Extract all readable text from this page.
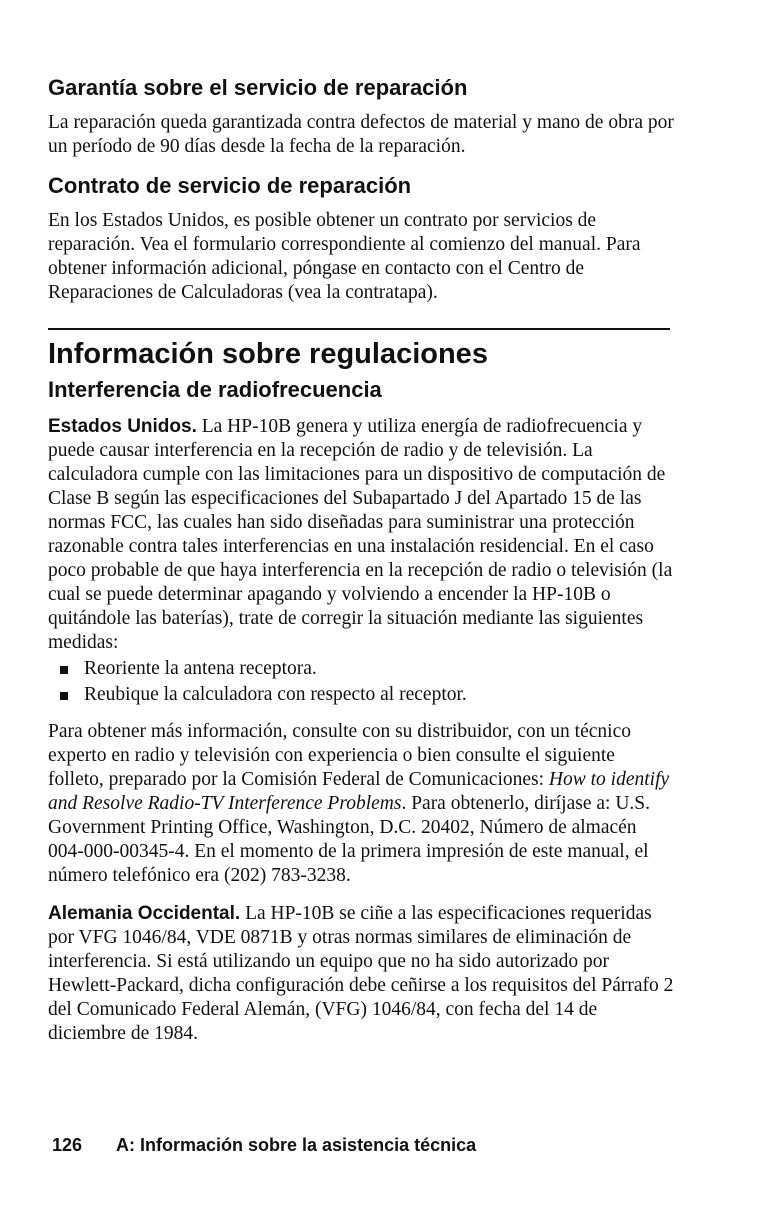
Garantía sobre el servicio de reparación

La reparación queda garantizada contra defectos de material y mano de obra por un período de 90 días desde la fecha de la reparación.

Contrato de servicio de reparación

En los Estados Unidos, es posible obtener un contrato por servicios de reparación. Vea el formulario correspondiente al comienzo del manual. Para obtener información adicional, póngase en contacto con el Centro de Reparaciones de Calculadoras (vea la contratapa).

Información sobre regulaciones
Interferencia de radiofrecuencia

Estados Unidos. La HP-10B genera y utiliza energía de radiofrecuencia y puede causar interferencia en la recepción de radio y de televisión. La calculadora cumple con las limitaciones para un dispositivo de computación de Clase B según las especificaciones del Subapartado J del Apartado 15 de las normas FCC, las cuales han sido diseñadas para suministrar una protección razonable contra tales interferencias en una instalación residencial. En el caso poco probable de que haya interferencia en la recepción de radio o televisión (la cual se puede determinar apagando y volviendo a encender la HP-10B o quitándole las baterías), trate de corregir la situación mediante las siguientes medidas:

Reoriente la antena receptora.
Reubique la calculadora con respecto al receptor.

Para obtener más información, consulte con su distribuidor, con un técnico experto en radio y televisión con experiencia o bien consulte el siguiente folleto, preparado por la Comisión Federal de Comunicaciones: How to identify and Resolve Radio-TV Interference Problems. Para obtenerlo, diríjase a: U.S. Government Printing Office, Washington, D.C. 20402, Número de almacén 004-000-00345-4. En el momento de la primera impresión de este manual, el número telefónico era (202) 783-3238.

Alemania Occidental. La HP-10B se ciñe a las especificaciones requeridas por VFG 1046/84, VDE 0871B y otras normas similares de eliminación de interferencia. Si está utilizando un equipo que no ha sido autorizado por Hewlett-Packard, dicha configuración debe ceñirse a los requisitos del Párrafo 2 del Comunicado Federal Alemán, (VFG) 1046/84, con fecha del 14 de diciembre de 1984.

126 A: Información sobre la asistencia técnica
